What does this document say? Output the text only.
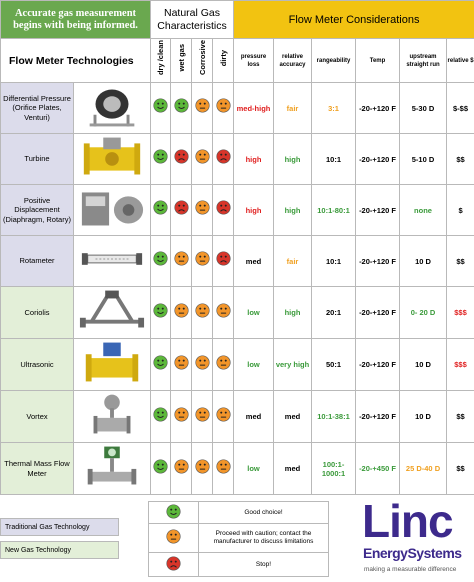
Accurate gas measurement begins with being informed.		Natural Gas Characteristics				Flow Meter Considerations					
Flow Meter Technologies		dry /clean	wet gas	Corrosive	dirty	pressure loss	relative accuracy	rangeability	Temp	upstream straight run	relative $
Differential Pressure (Orifice Plates, Venturi)						med-high	fair	3:1	-20-+120 F	5-30 D	$-$$
Turbine						high	high	10:1	-20-+120 F	5-10 D	$$
Positive Displacement (Diaphragm, Rotary)						high	high	10:1-80:1	-20-+120 F	none	$
Rotameter						med	fair	10:1	-20-+120 F	10 D	$$
Coriolis						low	high	20:1	-20-+120 F	0- 20 D	$$$
Ultrasonic						low	very high	50:1	-20-+120 F	10 D	$$$
Vortex						med	med	10:1-38:1	-20-+120 F	10 D	$$
Thermal Mass Flow Meter						low	med	100:1-1000:1	-20-+450 F	25 D-40 D	$$
	Good choice!
	Proceed with caution; contact the manufacturer to discuss limitations
	Stop!
Traditional Gas Technology
New Gas Technology
Linc
EnergySystems
making a measurable difference
